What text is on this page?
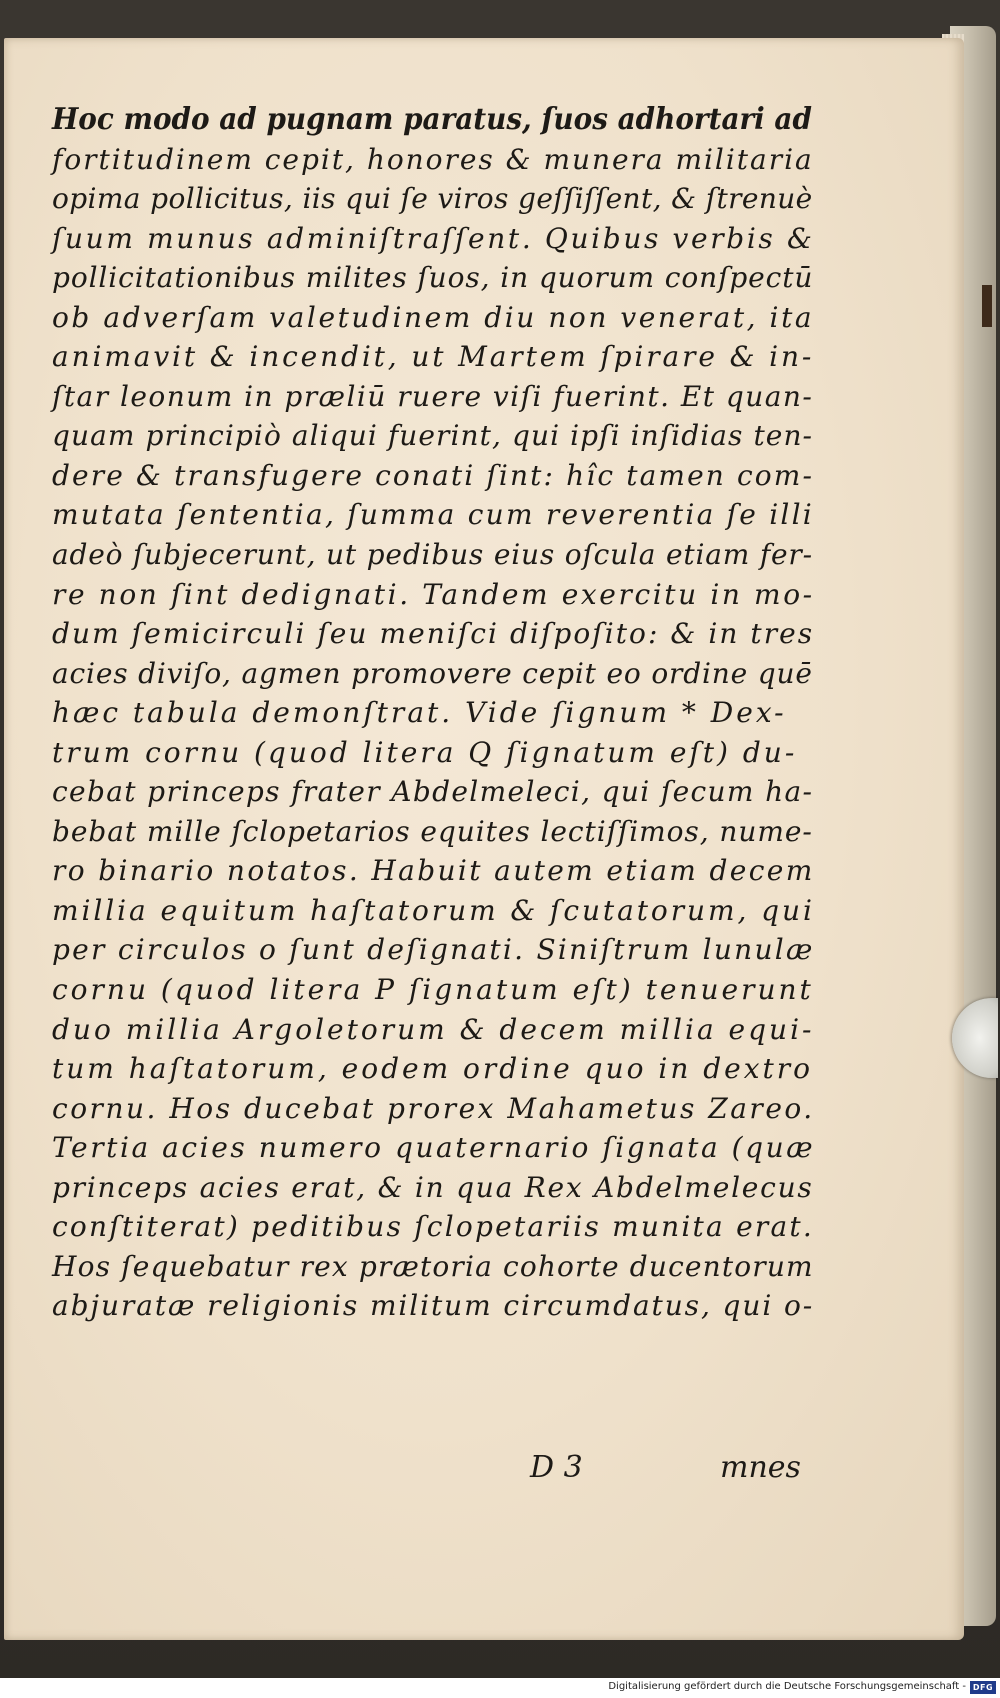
Hoc modo ad pugnam paratus, ſuos adhortari ad
fortitudinem cepit, honores & munera militaria
opima pollicitus, iis qui ſe viros geſſiſſent, & ſtrenuè
ſuum munus adminiſtraſſent. Quibus verbis &
pollicitationibus milites ſuos, in quorum conſpectū
ob adverſam valetudinem diu non venerat, ita
animavit & incendit, ut Martem ſpirare & in-
ſtar leonum in præliū ruere viſi fuerint. Et quan-
quam principiò aliqui fuerint, qui ipſi inſidias ten-
dere & transfugere conati ſint: hîc tamen com-
mutata ſententia, ſumma cum reverentia ſe illi
adeò ſubjecerunt, ut pedibus eius oſcula etiam fer-
re non ſint dedignati. Tandem exercitu in mo-
dum ſemicirculi ſeu meniſci diſpoſito: & in tres
acies diviſo, agmen promovere cepit eo ordine quē
hæc tabula demonſtrat. Vide ſignum * Dex-
trum cornu (quod litera Q ſignatum eſt) du-
cebat princeps frater Abdelmeleci, qui ſecum ha-
bebat mille ſclopetarios equites lectiſſimos, nume-
ro binario notatos. Habuit autem etiam decem
millia equitum haſtatorum & ſcutatorum, qui
per circulos o ſunt deſignati. Siniſtrum lunulæ
cornu (quod litera P ſignatum eſt) tenuerunt
duo millia Argoletorum & decem millia equi-
tum haſtatorum, eodem ordine quo in dextro
cornu. Hos ducebat prorex Mahametus Zareo.
Tertia acies numero quaternario ſignata (quæ
princeps acies erat, & in qua Rex Abdelmelecus
conſtiterat) peditibus ſclopetariis munita erat.
Hos ſequebatur rex prætoria cohorte ducentorum
abjuratæ religionis militum circumdatus, qui o-
D 3	mnes
Digitalisierung gefördert durch die Deutsche Forschungsgemeinschaft - DFG
